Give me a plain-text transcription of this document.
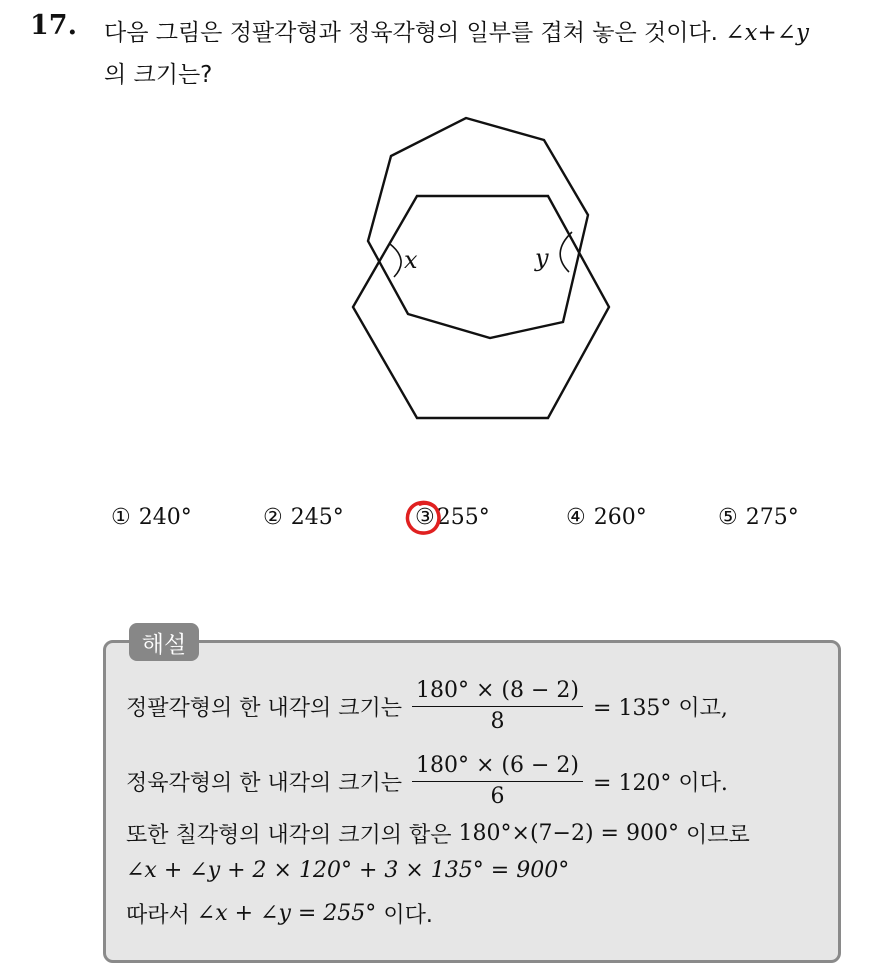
17. 다음 그림은 정팔각형과 정육각형의 일부를 겹쳐 놓은 것이다. ∠x+∠y
의 크기는?
x	y
① 240°	② 245°	③255°	④ 260°	⑤ 275°
해설
정팔각형의 한 내각의 크기는 $\frac{180^\circ \times (8 - 2)}{8} = 135^\circ$ 이고,
정육각형의 한 내각의 크기는 $\frac{180^\circ \times (6 - 2)}{6} = 120^\circ$ 이다.
또한 칠각형의 내각의 크기의 합은
180°×(7−2) = 900°
이므로
∠x + ∠y + 2 × 120° + 3 × 135° = 900°
따라서
∠x + ∠y = 255°
이다.
